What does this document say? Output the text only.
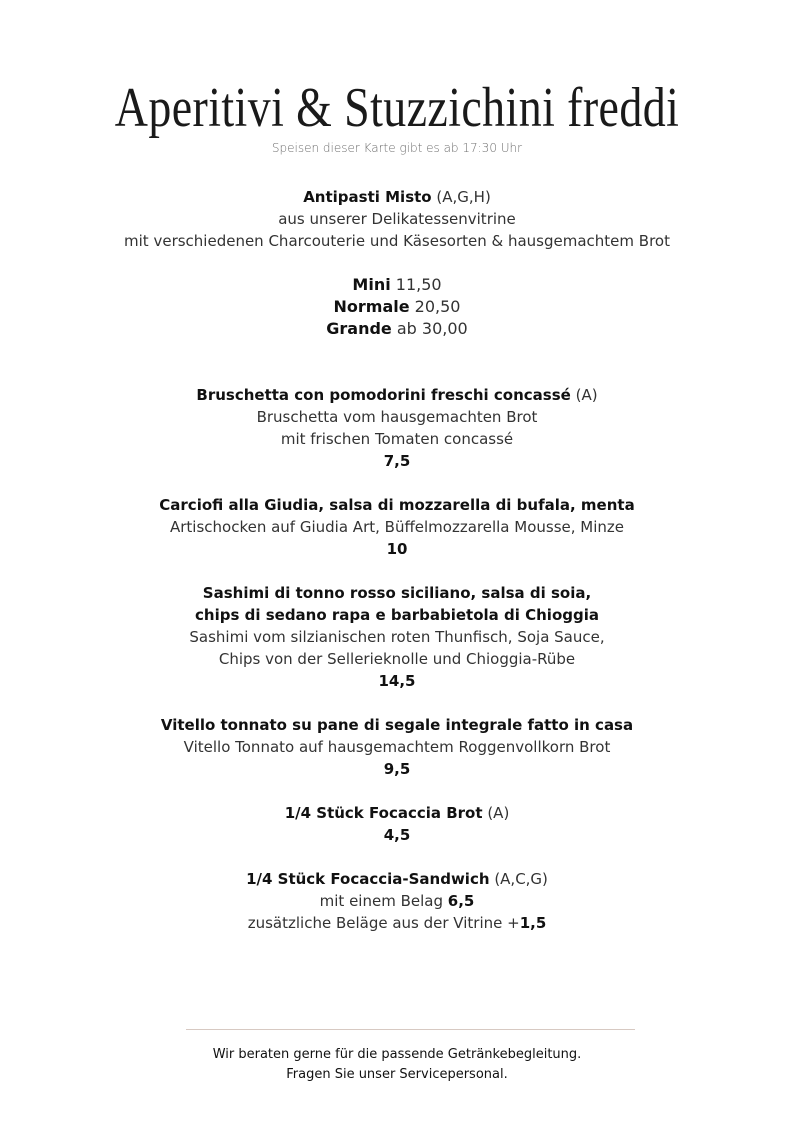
Aperitivi & Stuzzichini freddi
Speisen dieser Karte gibt es ab 17:30 Uhr
Antipasti Misto (A,G,H)
aus unserer Delikatessenvitrine
mit verschiedenen Charcouterie und Käsesorten & hausgemachtem Brot
Mini 11,50
Normale 20,50
Grande ab 30,00
Bruschetta con pomodorini freschi concassé (A)
Bruschetta vom hausgemachten Brot
mit frischen Tomaten concassé
7,5
Carciofi alla Giudia, salsa di mozzarella di bufala, menta
Artischocken auf Giudia Art, Büffelmozzarella Mousse, Minze
10
Sashimi di tonno rosso siciliano, salsa di soia,
chips di sedano rapa e barbabietola di Chioggia
Sashimi vom silzianischen roten Thunfisch, Soja Sauce,
Chips von der Sellerieknolle und Chioggia-Rübe
14,5
Vitello tonnato su pane di segale integrale fatto in casa
Vitello Tonnato auf hausgemachtem Roggenvollkorn Brot
9,5
1/4 Stück Focaccia Brot (A)
4,5
1/4 Stück Focaccia-Sandwich (A,C,G)
mit einem Belag 6,5
zusätzliche Beläge aus der Vitrine +1,5
Wir beraten gerne für die passende Getränkebegleitung.
Fragen Sie unser Servicepersonal.
